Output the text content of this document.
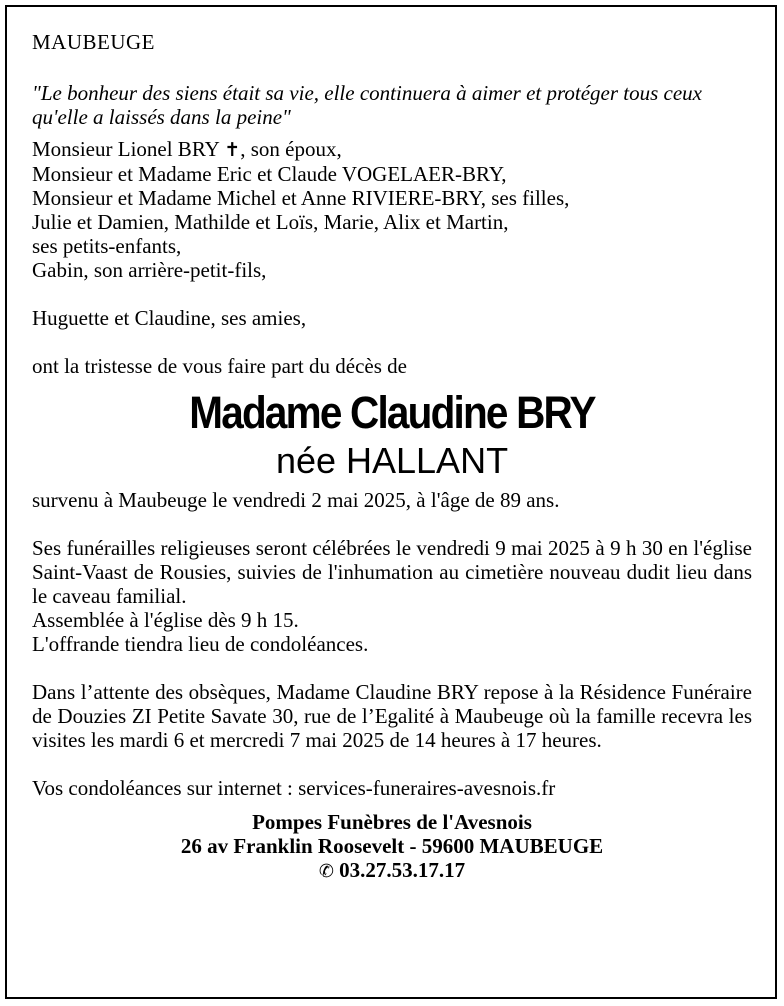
MAUBEUGE
"Le bonheur des siens était sa vie, elle continuera à aimer et protéger tous ceux
qu'elle a laissés dans la peine"
Monsieur Lionel BRY ✝, son époux,
Monsieur et Madame Eric et Claude VOGELAER-BRY,
Monsieur et Madame Michel et Anne RIVIERE-BRY, ses filles,
Julie et Damien, Mathilde et Loïs, Marie, Alix et Martin,
ses petits-enfants,
Gabin, son arrière-petit-fils,
Huguette et Claudine, ses amies,
ont la tristesse de vous faire part du décès de
Madame Claudine BRY
née HALLANT
survenu à Maubeuge le vendredi 2 mai 2025, à l'âge de 89 ans.
Ses funérailles religieuses seront célébrées le vendredi 9 mai 2025 à 9 h 30 en l'église Saint-Vaast de Rousies, suivies de l'inhumation au cimetière nouveau dudit lieu dans le caveau familial.
Assemblée à l'église dès 9 h 15.
L'offrande tiendra lieu de condoléances.
Dans l’attente des obsèques, Madame Claudine BRY repose à la Résidence Funéraire de Douzies ZI Petite Savate 30, rue de l’Egalité à Maubeuge où la famille recevra les visites les mardi 6 et mercredi 7 mai 2025 de 14 heures à 17 heures.
Vos condoléances sur internet : services-funeraires-avesnois.fr
Pompes Funèbres de l'Avesnois
26 av Franklin Roosevelt - 59600 MAUBEUGE
✆ 03.27.53.17.17
